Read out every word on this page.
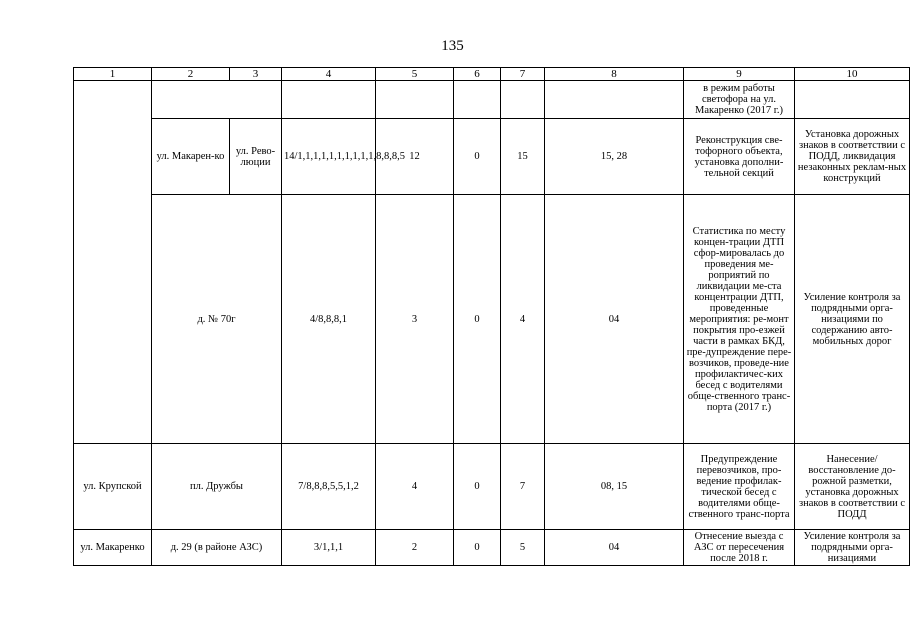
135
1	2	3	4	5	6	7	8	9	10
								в режим работы светофора на ул. Макаренко (2017 г.)	
	ул. Макарен-ко	ул. Рево-люции	14/1,1,1,1,1,1,1,1,1,1,8,8,8,5	12	0	15	15, 28	Реконструкция све-тофорного объекта, установка дополни-тельной секций	Установка дорожных знаков в соответствии с ПОДД, ликвидация незаконных реклам-ных конструкций
	д. № 70г		4/8,8,8,1	3	0	4	04	Статистика по месту концен-трации ДТП сфор-мировалась до проведения ме-роприятий по ликвидации ме-ста концентрации ДТП, проведенные мероприятия: ре-монт покрытия про-езжей части в рамках БКД, пре-дупреждение пере-возчиков, проведе-ние профилактичес-ких бесед с водителями обще-ственного транс-порта (2017 г.)	Усиление контроля за подрядными орга-низациями по содержанию авто-мобильных дорог
ул. Крупской	пл. Дружбы		7/8,8,8,5,5,1,2	4	0	7	08, 15	Предупреждение перевозчиков, про-ведение профилак-тической бесед с водителями обще-ственного транс-порта	Нанесение/ восстановление до-рожной разметки, установка дорожных знаков в соответствии с ПОДД
ул. Макаренко	д. 29 (в районе АЗС)		3/1,1,1	2	0	5	04	Отнесение выезда с АЗС от пересечения после 2018 г.	Усиление контроля за подрядными орга-низациями
